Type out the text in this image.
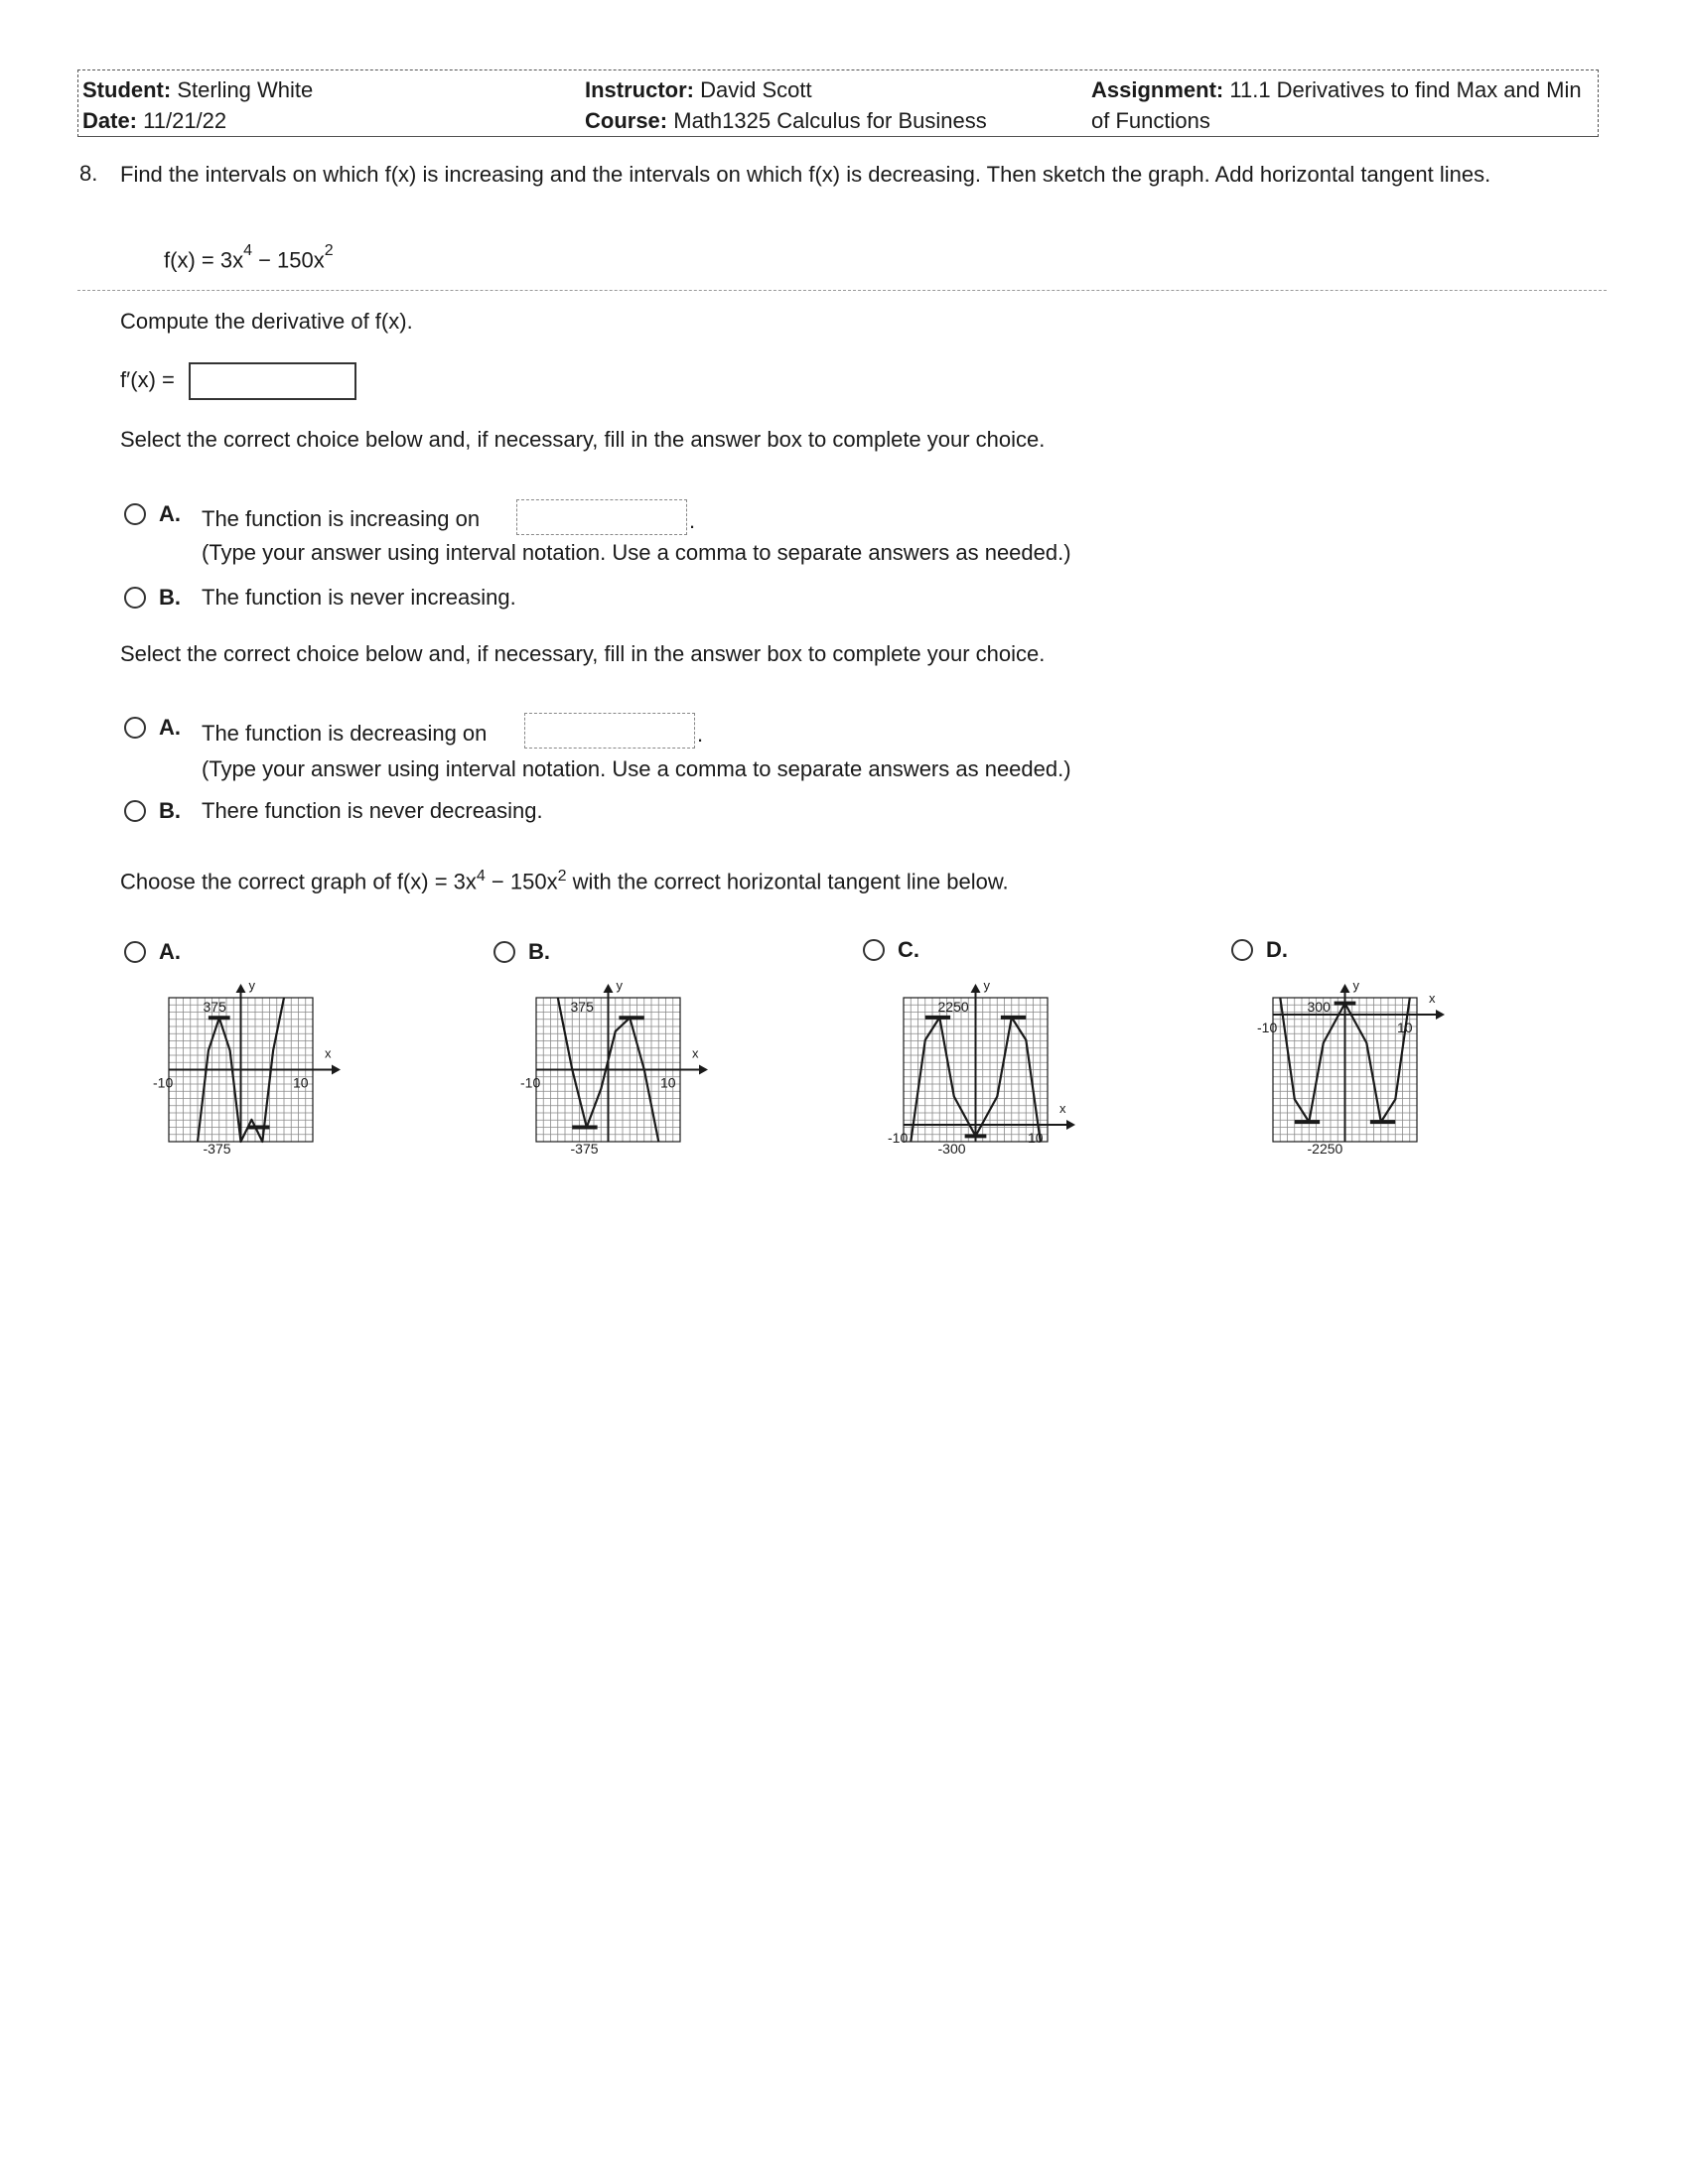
Student: Sterling White
Date: 11/21/22
Instructor: David Scott
Course: Math1325 Calculus for Business
Assignment: 11.1 Derivatives to find Max and Min of Functions
8. Find the intervals on which f(x) is increasing and the intervals on which f(x) is decreasing. Then sketch the graph. Add horizontal tangent lines.
$f(x) = 3x^4 - 150x^2$
Compute the derivative of f(x).
f′(x) =
Select the correct choice below and, if necessary, fill in the answer box to complete your choice.
A. The function is increasing on	.
(Type your answer using interval notation. Use a comma to separate answers as needed.)
B. The function is never increasing.
Select the correct choice below and, if necessary, fill in the answer box to complete your choice.
A. The function is decreasing on	.
(Type your answer using interval notation. Use a comma to separate answers as needed.)
B. There function is never decreasing.
Choose the correct graph of $f(x) = 3x^4 - 150x^2$ with the correct horizontal tangent line below.
A.	B.	C.	D.
x
y
-10	10
375
-375
x
y
-10	10
375
-375
x
y
-10	10
2250
-300
x
y
-10	10
300
-2250
